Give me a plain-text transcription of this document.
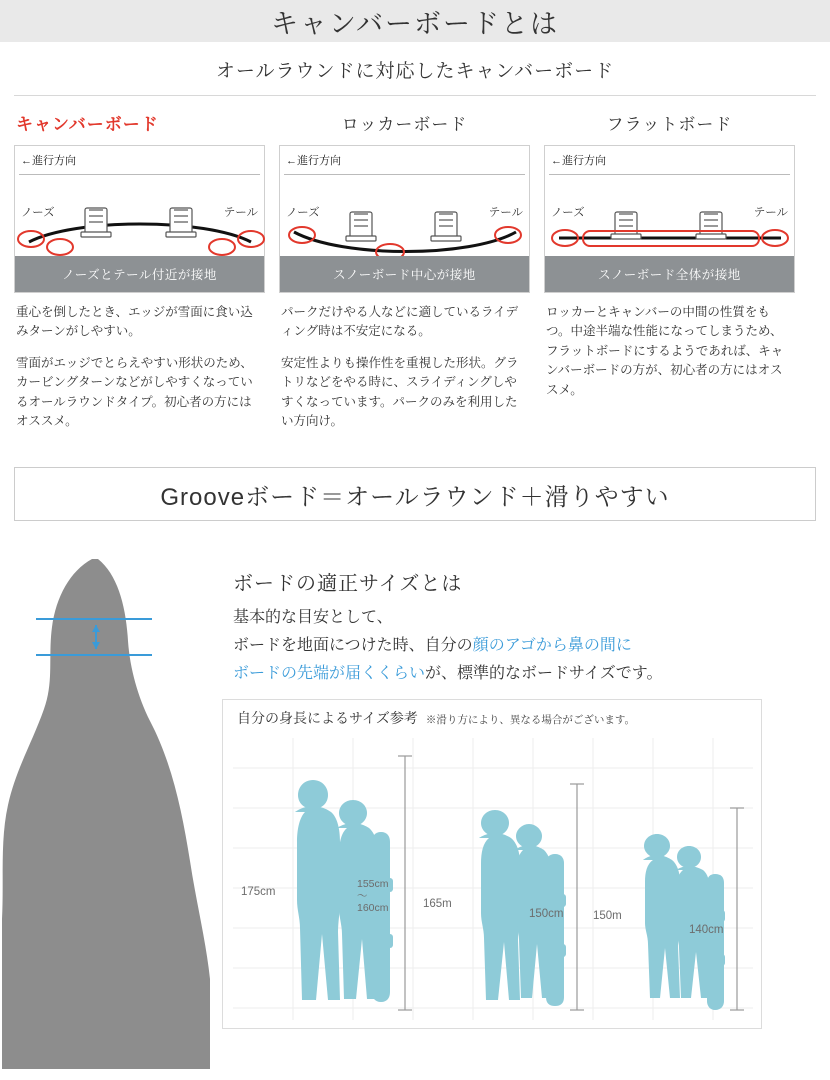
キャンバーボードとは
オールラウンドに対応したキャンバーボード
キャンバーボード
←進行方向
ノーズ	テール
ノーズとテール付近が接地

重心を倒したとき、エッジが雪面に食い込みターンがしやすい。

雪面がエッジでとらえやすい形状のため、カービングターンなどがしやすくなっているオールラウンドタイプ。初心者の方にはオススメ。

ロッカーボード
←進行方向
ノーズ	テール
スノーボード中心が接地

パークだけやる人などに適しているライディング時は不安定になる。

安定性よりも操作性を重視した形状。グラトリなどをやる時に、スライディングしやすくなっています。パークのみを利用したい方向け。

フラットボード
←進行方向
ノーズ	テール
スノーボード全体が接地

ロッカーとキャンバーの中間の性質をもつ。中途半端な性能になってしまうため、フラットボードにするようであれば、キャンバーボードの方が、初心者の方にはオススメ。

Grooveボード＝オールラウンド＋滑りやすい
ボードの適正サイズとは

基本的な目安として、

ボードを地面につけた時、自分の顔のアゴから鼻の間に

ボードの先端が届くくらいが、標準的なボードサイズです。

自分の身長によるサイズ参考 ※滑り方により、異なる場合がございます。
175cm
155cm
〜
160cm	165m
150cm	150m
140cm
